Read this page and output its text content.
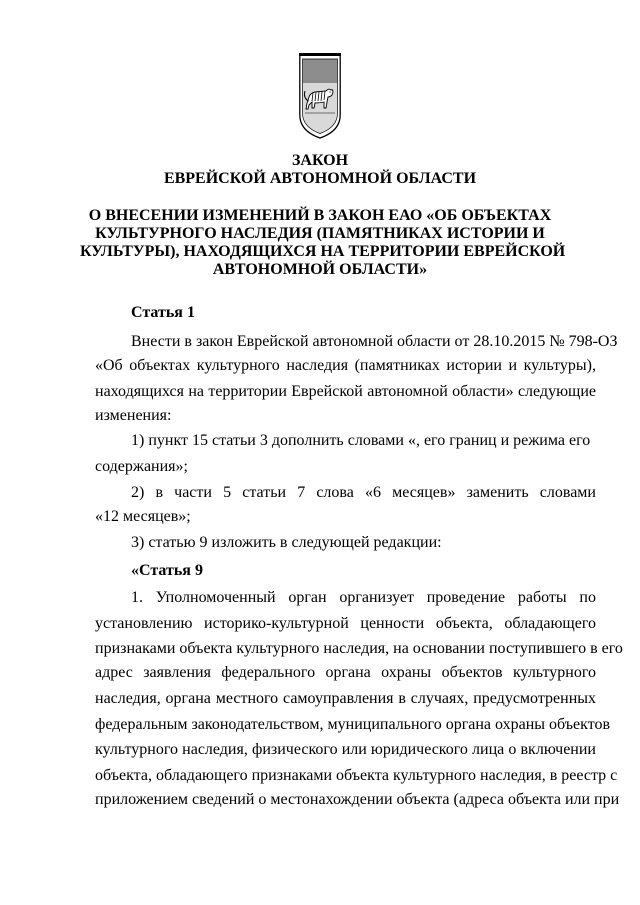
ЗАКОН
ЕВРЕЙСКОЙ АВТОНОМНОЙ ОБЛАСТИ
О ВНЕСЕНИИ ИЗМЕНЕНИЙ В ЗАКОН ЕАО «ОБ ОБЪЕКТАХ
КУЛЬТУРНОГО НАСЛЕДИЯ (ПАМЯТНИКАХ ИСТОРИИ И
КУЛЬТУРЫ), НАХОДЯЩИХСЯ НА ТЕРРИТОРИИ ЕВРЕЙСКОЙ
АВТОНОМНОЙ ОБЛАСТИ»
Статья 1
Внести в закон Еврейской автономной области от 28.10.2015 № 798-ОЗ
«Об объектах культурного наследия (памятниках истории и культуры),
находящихся на территории Еврейской автономной области» следующие
изменения:
1) пункт 15 статьи 3 дополнить словами «, его границ и режима его
содержания»;
2) в части 5 статьи 7 слова «6 месяцев» заменить словами
«12 месяцев»;
3) статью 9 изложить в следующей редакции:
«Статья 9
1. Уполномоченный орган организует проведение работы по
установлению историко-культурной ценности объекта, обладающего
признаками объекта культурного наследия, на основании поступившего в его
адрес заявления федерального органа охраны объектов культурного
наследия, органа местного самоуправления в случаях, предусмотренных
федеральным законодательством, муниципального органа охраны объектов
культурного наследия, физического или юридического лица о включении
объекта, обладающего признаками объекта культурного наследия, в реестр с
приложением сведений о местонахождении объекта (адреса объекта или при
